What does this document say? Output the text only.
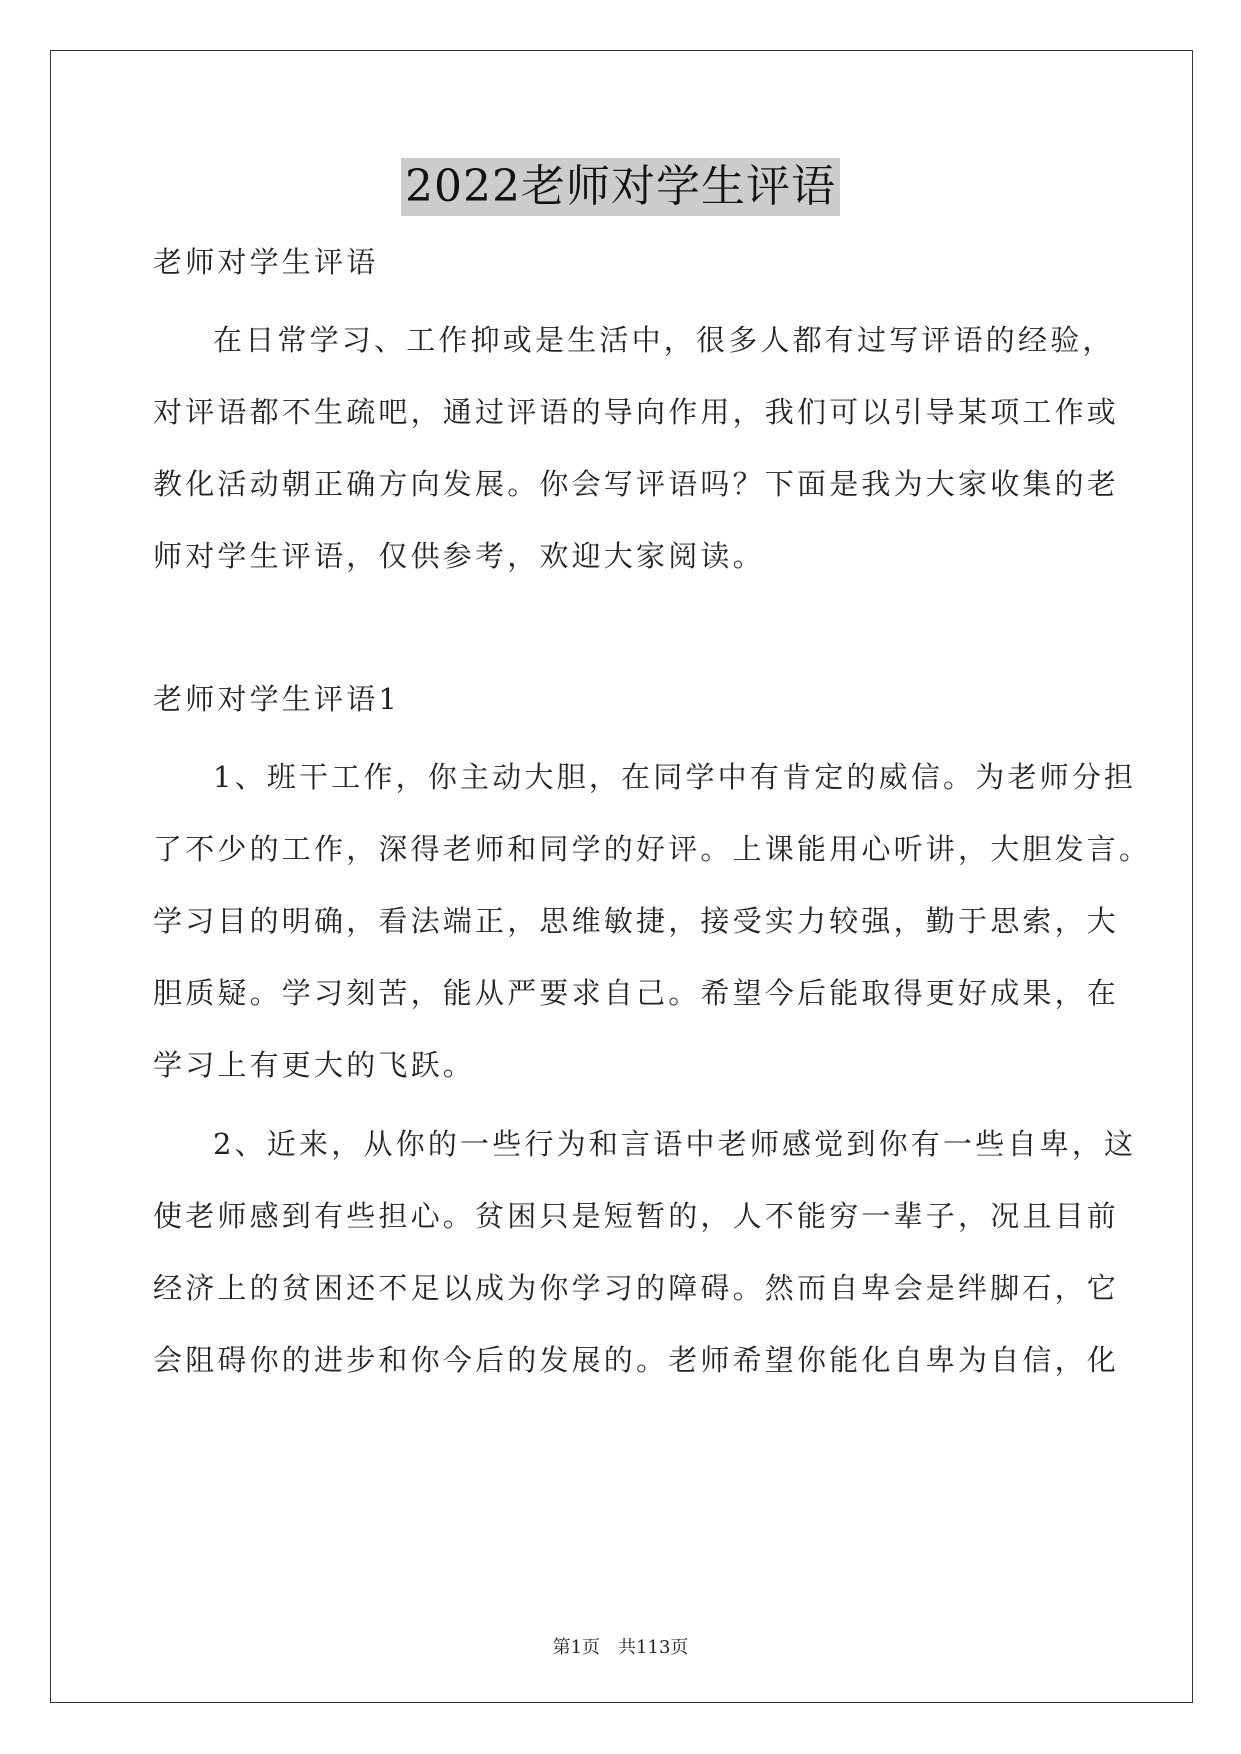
2022老师对学生评语
老师对学生评语
在日常学习、工作抑或是生活中，很多人都有过写评语的经验，
对评语都不生疏吧，通过评语的导向作用，我们可以引导某项工作或
教化活动朝正确方向发展。你会写评语吗？下面是我为大家收集的老
师对学生评语，仅供参考，欢迎大家阅读。
老师对学生评语1
1、班干工作，你主动大胆，在同学中有肯定的威信。为老师分担
了不少的工作，深得老师和同学的好评。上课能用心听讲，大胆发言。
学习目的明确，看法端正，思维敏捷，接受实力较强，勤于思索，大
胆质疑。学习刻苦，能从严要求自己。希望今后能取得更好成果，在
学习上有更大的飞跃。
2、近来，从你的一些行为和言语中老师感觉到你有一些自卑，这
使老师感到有些担心。贫困只是短暂的，人不能穷一辈子，况且目前
经济上的贫困还不足以成为你学习的障碍。然而自卑会是绊脚石，它
会阻碍你的进步和你今后的发展的。老师希望你能化自卑为自信，化
第1页　共113页
